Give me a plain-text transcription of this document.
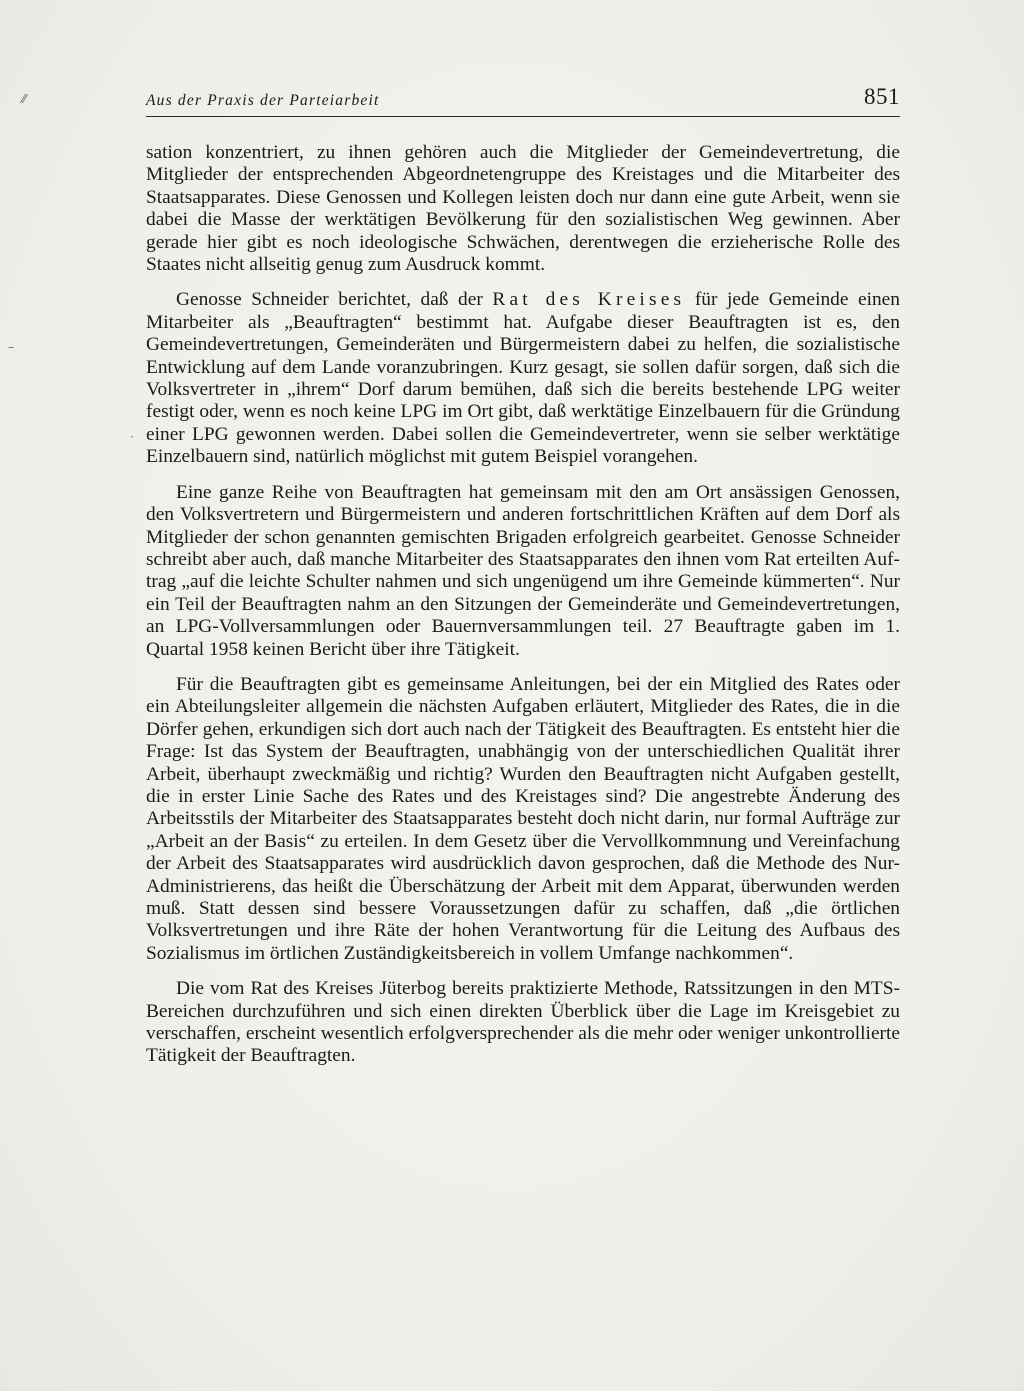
Aus der Praxis der Parteiarbeit	851
⁄⁄
–
·

sation konzentriert, zu ihnen gehören auch die Mitglieder der Gemeindevertretung, die Mitglieder der entsprechenden Abgeordnetengruppe des Kreistages und die Mitarbeiter des Staatsapparates. Diese Genossen und Kollegen leisten doch nur dann eine gute Arbeit, wenn sie dabei die Masse der werktätigen Bevölkerung für den sozialistischen Weg gewinnen. Aber gerade hier gibt es noch ideologische Schwächen, derentwegen die erzieherische Rolle des Staates nicht allseitig genug zum Ausdruck kommt.

Genosse Schneider berichtet, daß der Rat des Kreises für jede Gemeinde einen Mitarbeiter als „Beauftragten“ bestimmt hat. Aufgabe dieser Beauftragten ist es, den Gemeindevertretungen, Gemeinderäten und Bürgermeistern dabei zu helfen, die sozialistische Entwicklung auf dem Lande voranzubringen. Kurz gesagt, sie sollen dafür sorgen, daß sich die Volksvertreter in „ihrem“ Dorf darum bemühen, daß sich die bereits bestehende LPG weiter festigt oder, wenn es noch keine LPG im Ort gibt, daß werktätige Einzelbauern für die Gründung einer LPG gewonnen werden. Dabei sollen die Gemeindevertreter, wenn sie selber werktätige Einzelbauern sind, natürlich möglichst mit gutem Beispiel vorangehen.

Eine ganze Reihe von Beauftragten hat gemeinsam mit den am Ort ansässigen Genossen, den Volksvertretern und Bürgermeistern und anderen fortschrittlichen Kräften auf dem Dorf als Mitglieder der schon genannten gemischten Brigaden erfolgreich gearbeitet. Genosse Schneider schreibt aber auch, daß manche Mitarbeiter des Staatsapparates den ihnen vom Rat erteilten Auftrag „auf die leichte Schulter nahmen und sich ungenügend um ihre Gemeinde kümmerten“. Nur ein Teil der Beauftragten nahm an den Sitzungen der Gemeinderäte und Gemeindevertretungen, an LPG-Vollversammlungen oder Bauernversammlungen teil. 27 Beauftragte gaben im 1. Quartal 1958 keinen Bericht über ihre Tätigkeit.

Für die Beauftragten gibt es gemeinsame Anleitungen, bei der ein Mitglied des Rates oder ein Abteilungsleiter allgemein die nächsten Aufgaben erläutert, Mitglieder des Rates, die in die Dörfer gehen, erkundigen sich dort auch nach der Tätigkeit des Beauftragten. Es entsteht hier die Frage: Ist das System der Beauftragten, unabhängig von der unterschiedlichen Qualität ihrer Arbeit, überhaupt zweckmäßig und richtig? Wurden den Beauftragten nicht Aufgaben gestellt, die in erster Linie Sache des Rates und des Kreistages sind? Die angestrebte Änderung des Arbeitsstils der Mitarbeiter des Staatsapparates besteht doch nicht darin, nur formal Aufträge zur „Arbeit an der Basis“ zu erteilen. In dem Gesetz über die Vervollkommnung und Vereinfachung der Arbeit des Staatsapparates wird ausdrücklich davon gesprochen, daß die Methode des Nur-Administrierens, das heißt die Überschätzung der Arbeit mit dem Apparat, überwunden werden muß. Statt dessen sind bessere Voraussetzungen dafür zu schaffen, daß „die örtlichen Volksvertretungen und ihre Räte der hohen Verantwortung für die Leitung des Aufbaus des Sozialismus im örtlichen Zuständigkeitsbereich in vollem Umfange nachkommen“.

Die vom Rat des Kreises Jüterbog bereits praktizierte Methode, Ratssitzungen in den MTS-Bereichen durchzuführen und sich einen direkten Überblick über die Lage im Kreisgebiet zu verschaffen, erscheint wesentlich erfolgversprechender als die mehr oder weniger unkontrollierte Tätigkeit der Beauftragten.
